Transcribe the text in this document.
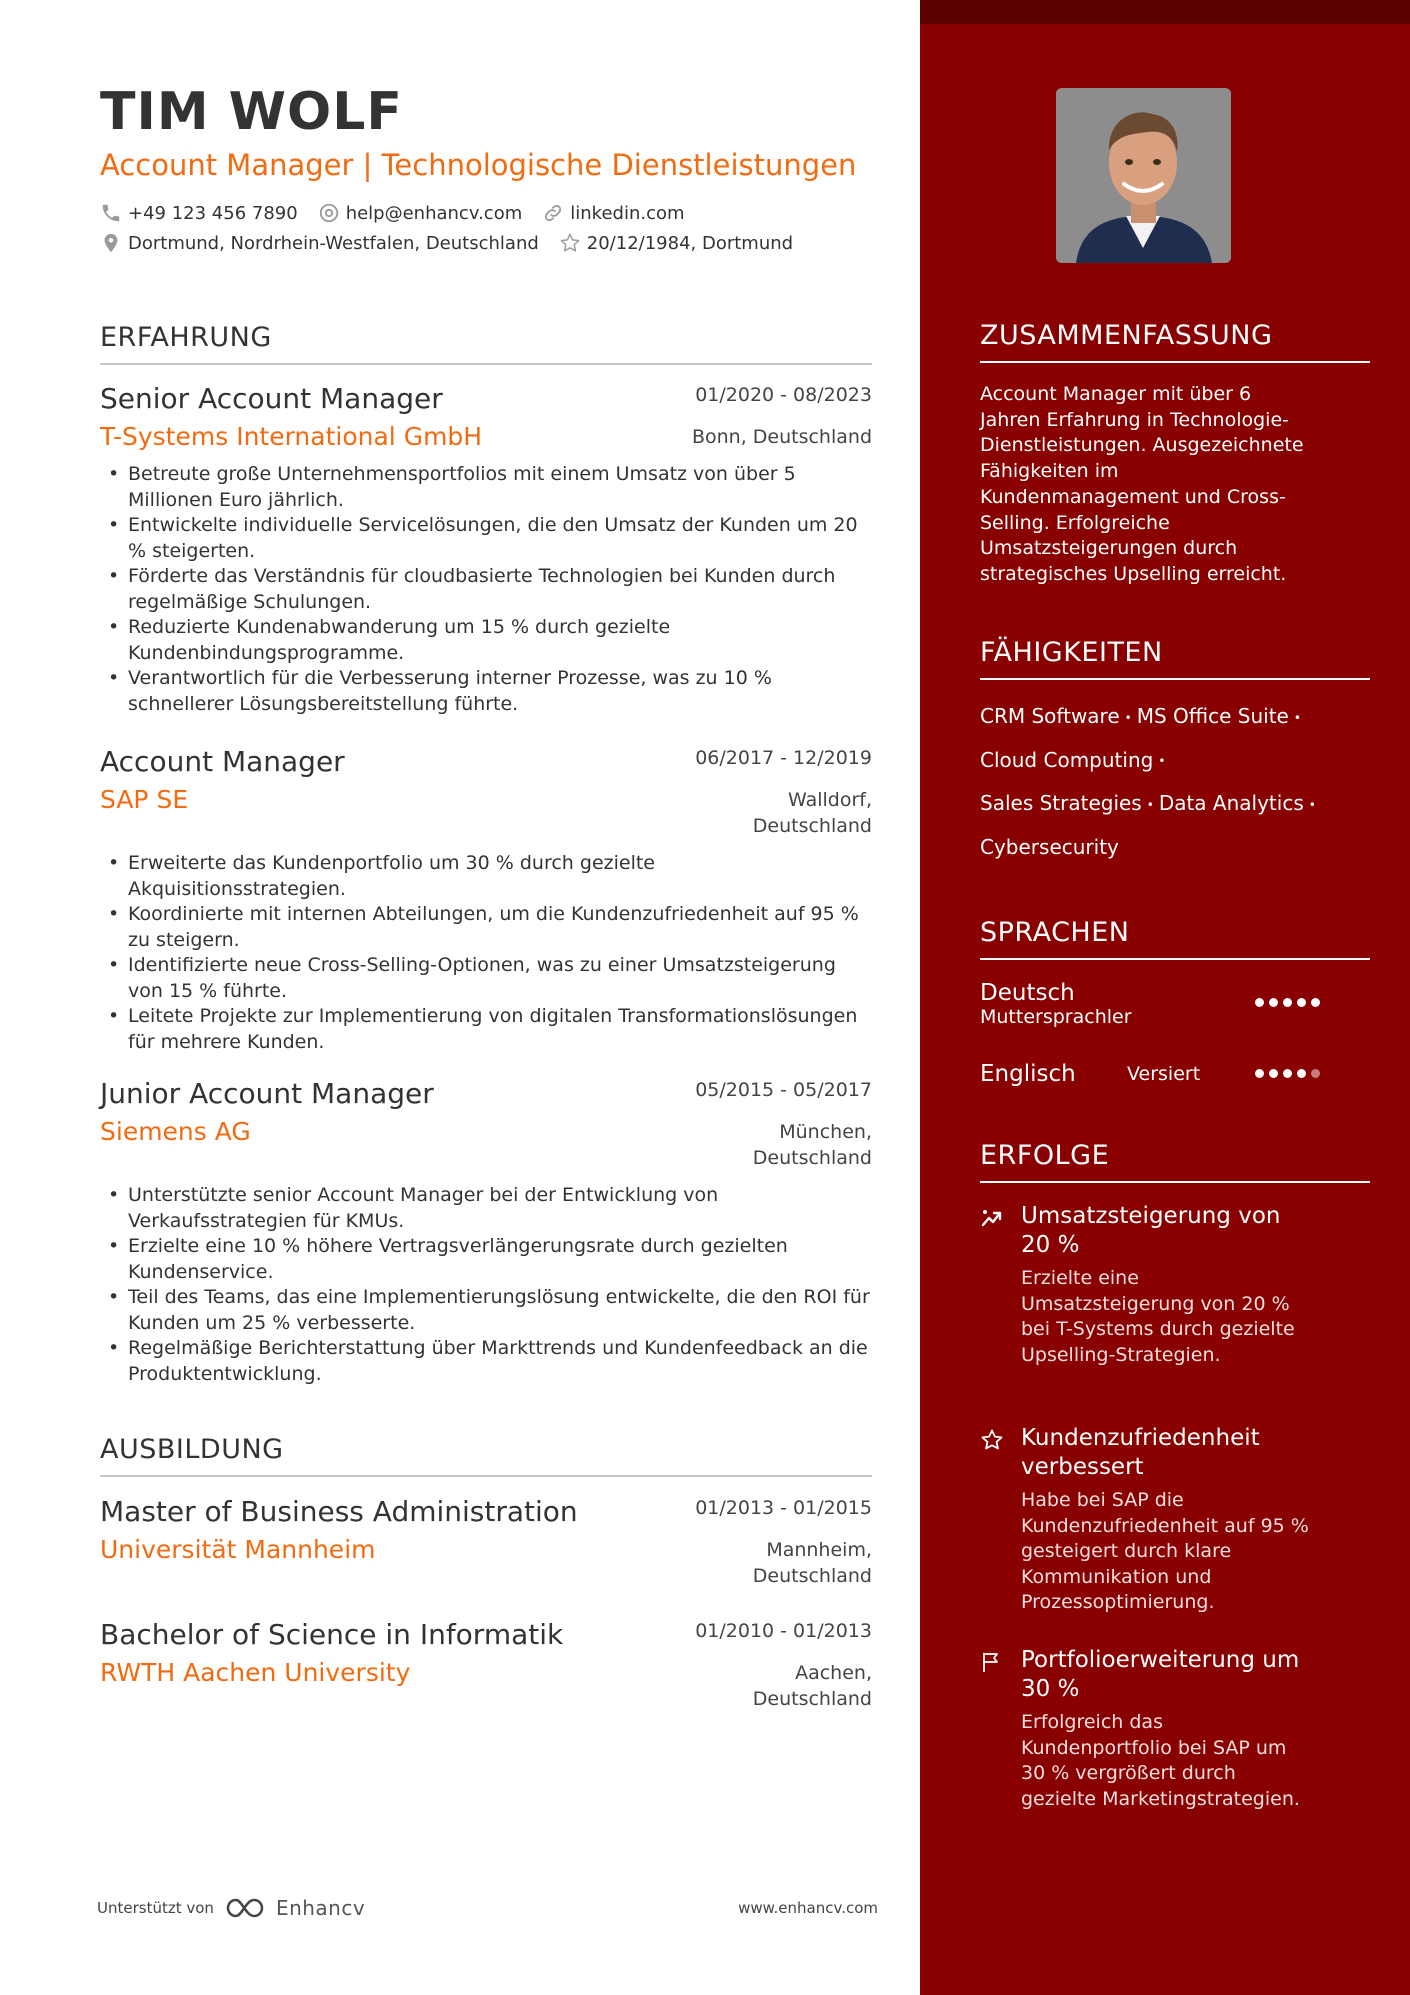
TIM WOLF
Account Manager | Technologische Dienstleistungen
+49 123 456 7890	help@enhancv.com	linkedin.com
Dortmund, Nordrhein-Westfalen, Deutschland	20/12/1984, Dortmund
ERFAHRUNG
Senior Account Manager	01/2020 - 08/2023
T-Systems International GmbH	Bonn, Deutschland
• Betreute große Unternehmensportfolios mit einem Umsatz von über 5 Millionen Euro jährlich.
• Entwickelte individuelle Servicelösungen, die den Umsatz der Kunden um 20 % steigerten.
• Förderte das Verständnis für cloudbasierte Technologien bei Kunden durch regelmäßige Schulungen.
• Reduzierte Kundenabwanderung um 15 % durch gezielte Kundenbindungsprogramme.
• Verantwortlich für die Verbesserung interner Prozesse, was zu 10 % schnellerer Lösungsbereitstellung führte.
Account Manager	06/2017 - 12/2019
SAP SE	Walldorf,
Deutschland
• Erweiterte das Kundenportfolio um 30 % durch gezielte Akquisitionsstrategien.
• Koordinierte mit internen Abteilungen, um die Kundenzufriedenheit auf 95 % zu steigern.
• Identifizierte neue Cross-Selling-Optionen, was zu einer Umsatzsteigerung von 15 % führte.
• Leitete Projekte zur Implementierung von digitalen Transformationslösungen für mehrere Kunden.
Junior Account Manager	05/2015 - 05/2017
Siemens AG	München,
Deutschland
• Unterstützte senior Account Manager bei der Entwicklung von Verkaufsstrategien für KMUs.
• Erzielte eine 10 % höhere Vertragsverlängerungsrate durch gezielten Kundenservice.
• Teil des Teams, das eine Implementierungslösung entwickelte, die den ROI für Kunden um 25 % verbesserte.
• Regelmäßige Berichterstattung über Markttrends und Kundenfeedback an die Produktentwicklung.
AUSBILDUNG
Master of Business Administration	01/2013 - 01/2015
Universität Mannheim	Mannheim,
Deutschland
Bachelor of Science in Informatik	01/2010 - 01/2013
RWTH Aachen University	Aachen,
Deutschland
Unterstützt von	Enhancv	www.enhancv.com
ZUSAMMENFASSUNG
Account Manager mit über 6 Jahren Erfahrung in Technologie-Dienstleistungen. Ausgezeichnete Fähigkeiten im Kundenmanagement und Cross-Selling. Erfolgreiche Umsatzsteigerungen durch strategisches Upselling erreicht.
FÄHIGKEITEN
CRM Software • MS Office Suite •
Cloud Computing •
Sales Strategies • Data Analytics •
Cybersecurity
SPRACHEN
Deutsch
Muttersprachler
Englisch	Versiert
ERFOLGE
Umsatzsteigerung von 20 %
Erzielte eine Umsatzsteigerung von 20 % bei T-Systems durch gezielte Upselling-Strategien.
Kundenzufriedenheit verbessert
Habe bei SAP die Kundenzufriedenheit auf 95 % gesteigert durch klare Kommunikation und Prozessoptimierung.
Portfolioerweiterung um 30 %
Erfolgreich das Kundenportfolio bei SAP um 30 % vergrößert durch gezielte Marketingstrategien.
